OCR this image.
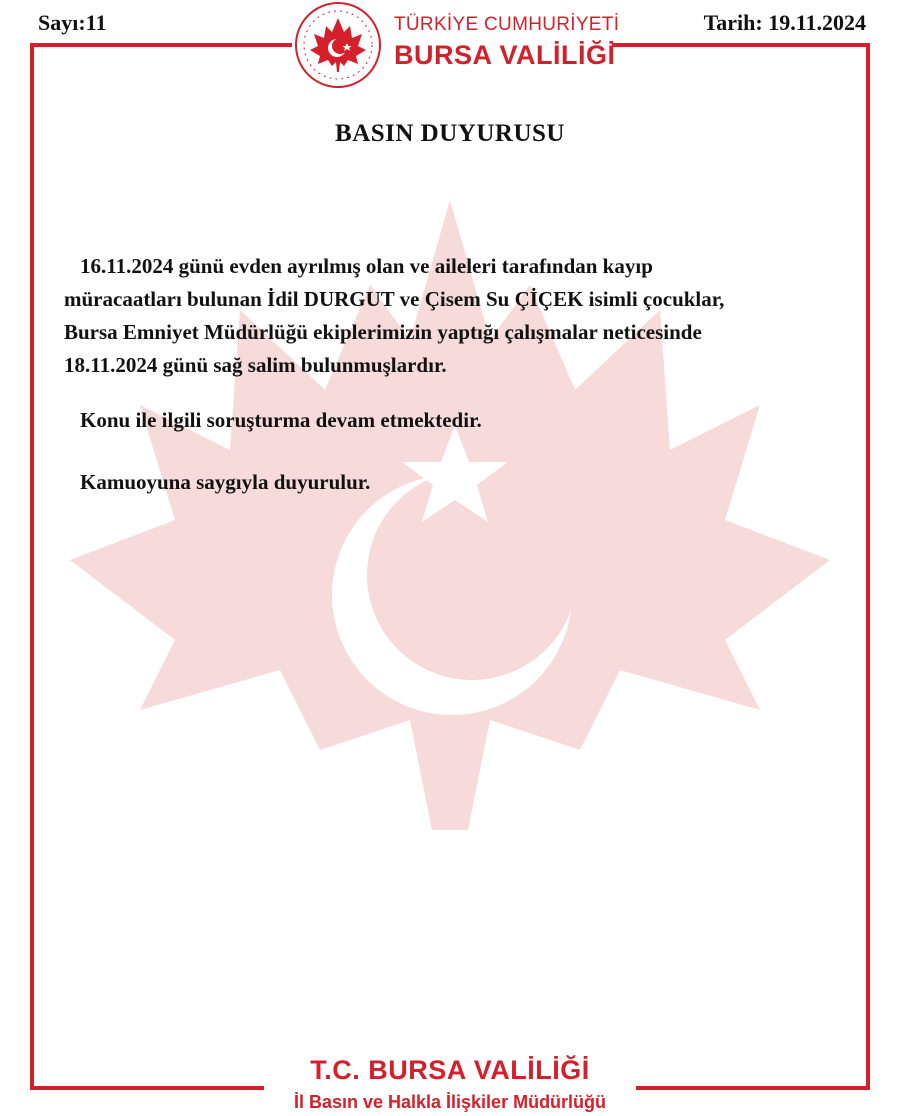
Sayı:11	Tarih: 19.11.2024
TÜRKİYE CUMHURİYETİ
BURSA VALİLİĞİ
BASIN DUYURUSU
16.11.2024 günü evden ayrılmış olan ve aileleri tarafından kayıp
müracaatları bulunan İdil DURGUT ve Çisem Su ÇİÇEK isimli çocuklar,
Bursa Emniyet Müdürlüğü ekiplerimizin yaptığı çalışmalar neticesinde
18.11.2024 günü sağ salim bulunmuşlardır.
Konu ile ilgili soruşturma devam etmektedir.
Kamuoyuna saygıyla duyurulur.
T.C. BURSA VALİLİĞİ
İl Basın ve Halkla İlişkiler Müdürlüğü
